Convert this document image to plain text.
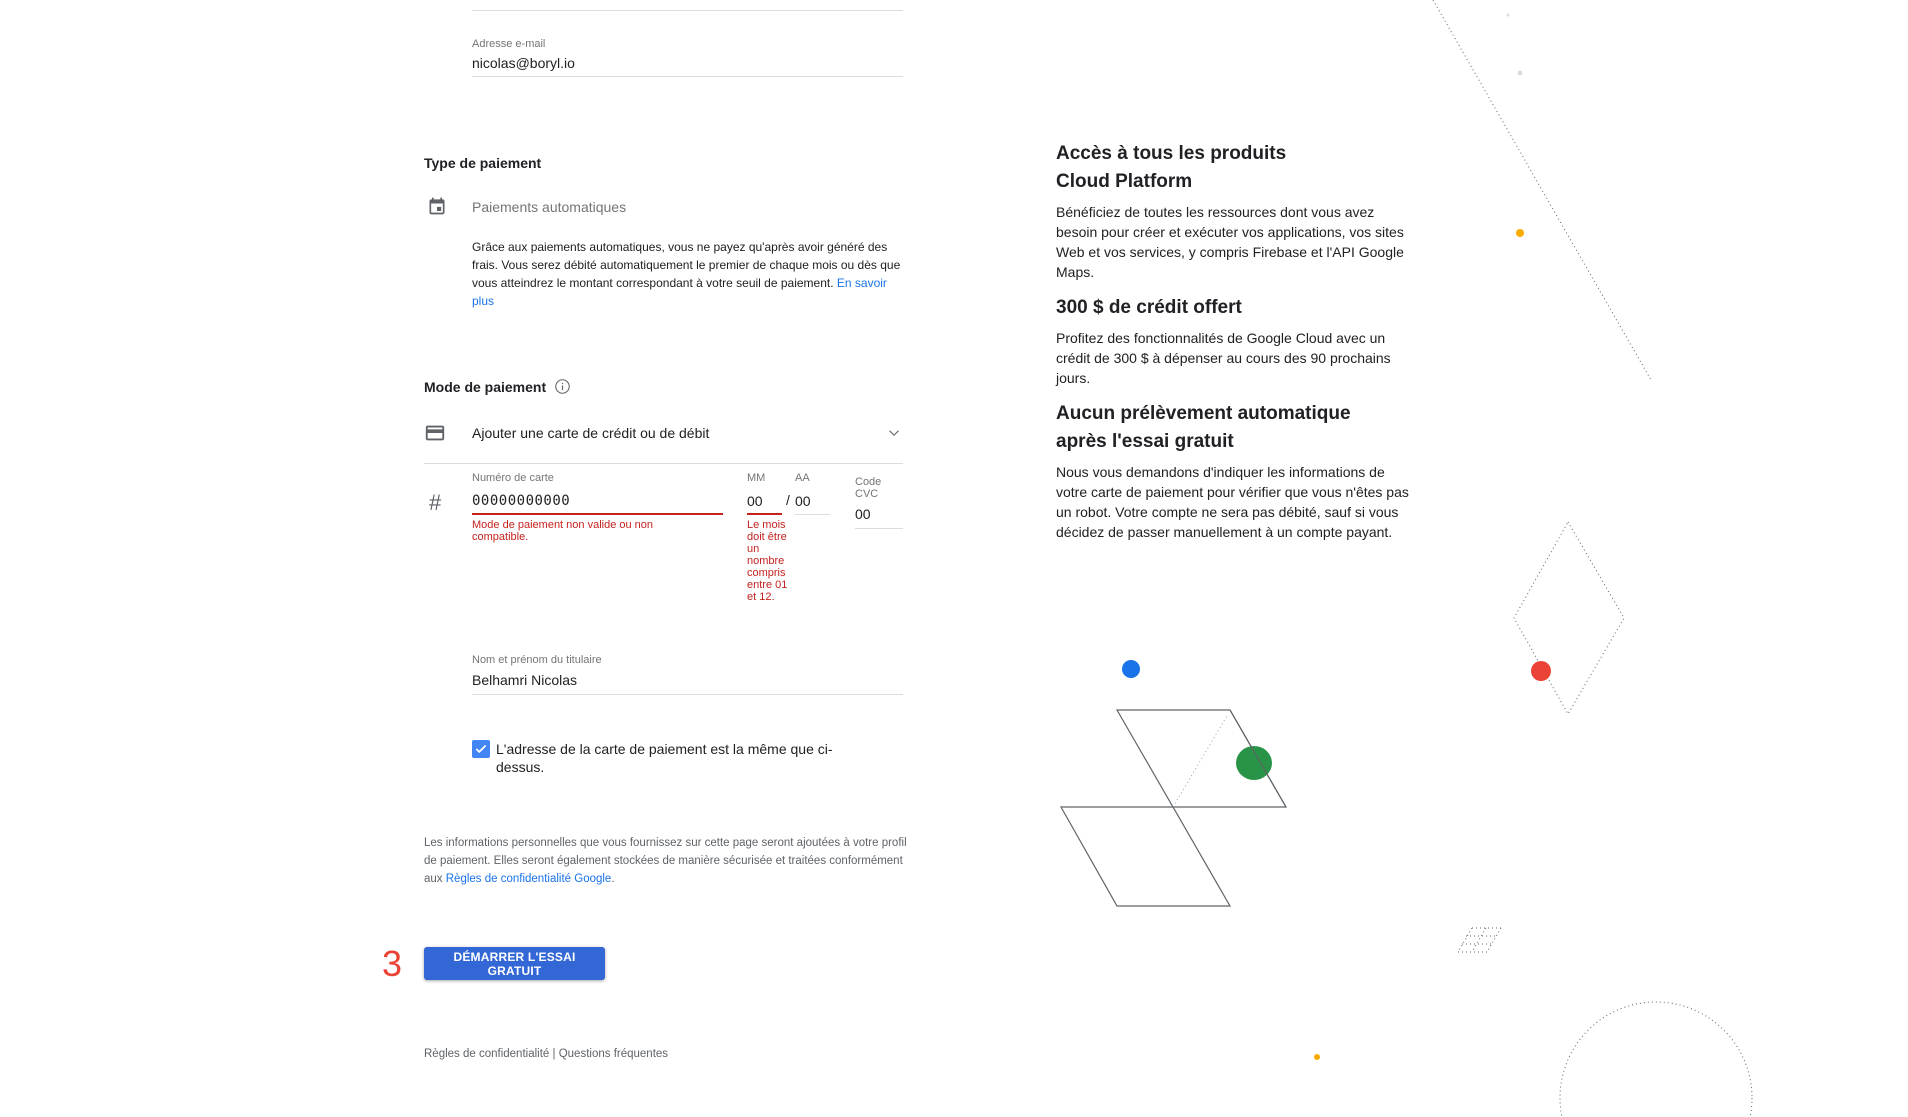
Adresse e-mail
nicolas@boryl.io
Type de paiement
Paiements automatiques
Grâce aux paiements automatiques, vous ne payez qu'après avoir généré des frais. Vous serez débité automatiquement le premier de chaque mois ou dès que vous atteindrez le montant correspondant à votre seuil de paiement. En savoir plus
Mode de paiement
Ajouter une carte de crédit ou de débit
#
Numéro de carte
00000000000
Mode de paiement non valide ou non compatible.
MM
00
Le mois doit être un nombre compris entre 01 et 12.
/
AA
00
Code CVC
00
Nom et prénom du titulaire
Belhamri Nicolas
L'adresse de la carte de paiement est la même que ci-dessus.
Les informations personnelles que vous fournissez sur cette page seront ajoutées à votre profil de paiement. Elles seront également stockées de manière sécurisée et traitées conformément aux Règles de confidentialité Google.
3	DÉMARRER L'ESSAI GRATUIT
Règles de confidentialité | Questions fréquentes
Accès à tous les produits Cloud Platform
Bénéficiez de toutes les ressources dont vous avez besoin pour créer et exécuter vos applications, vos sites Web et vos services, y compris Firebase et l'API Google Maps.
300 $ de crédit offert
Profitez des fonctionnalités de Google Cloud avec un crédit de 300 $ à dépenser au cours des 90 prochains jours.
Aucun prélèvement automatique après l'essai gratuit
Nous vous demandons d'indiquer les informations de votre carte de paiement pour vérifier que vous n'êtes pas un robot. Votre compte ne sera pas débité, sauf si vous décidez de passer manuellement à un compte payant.
